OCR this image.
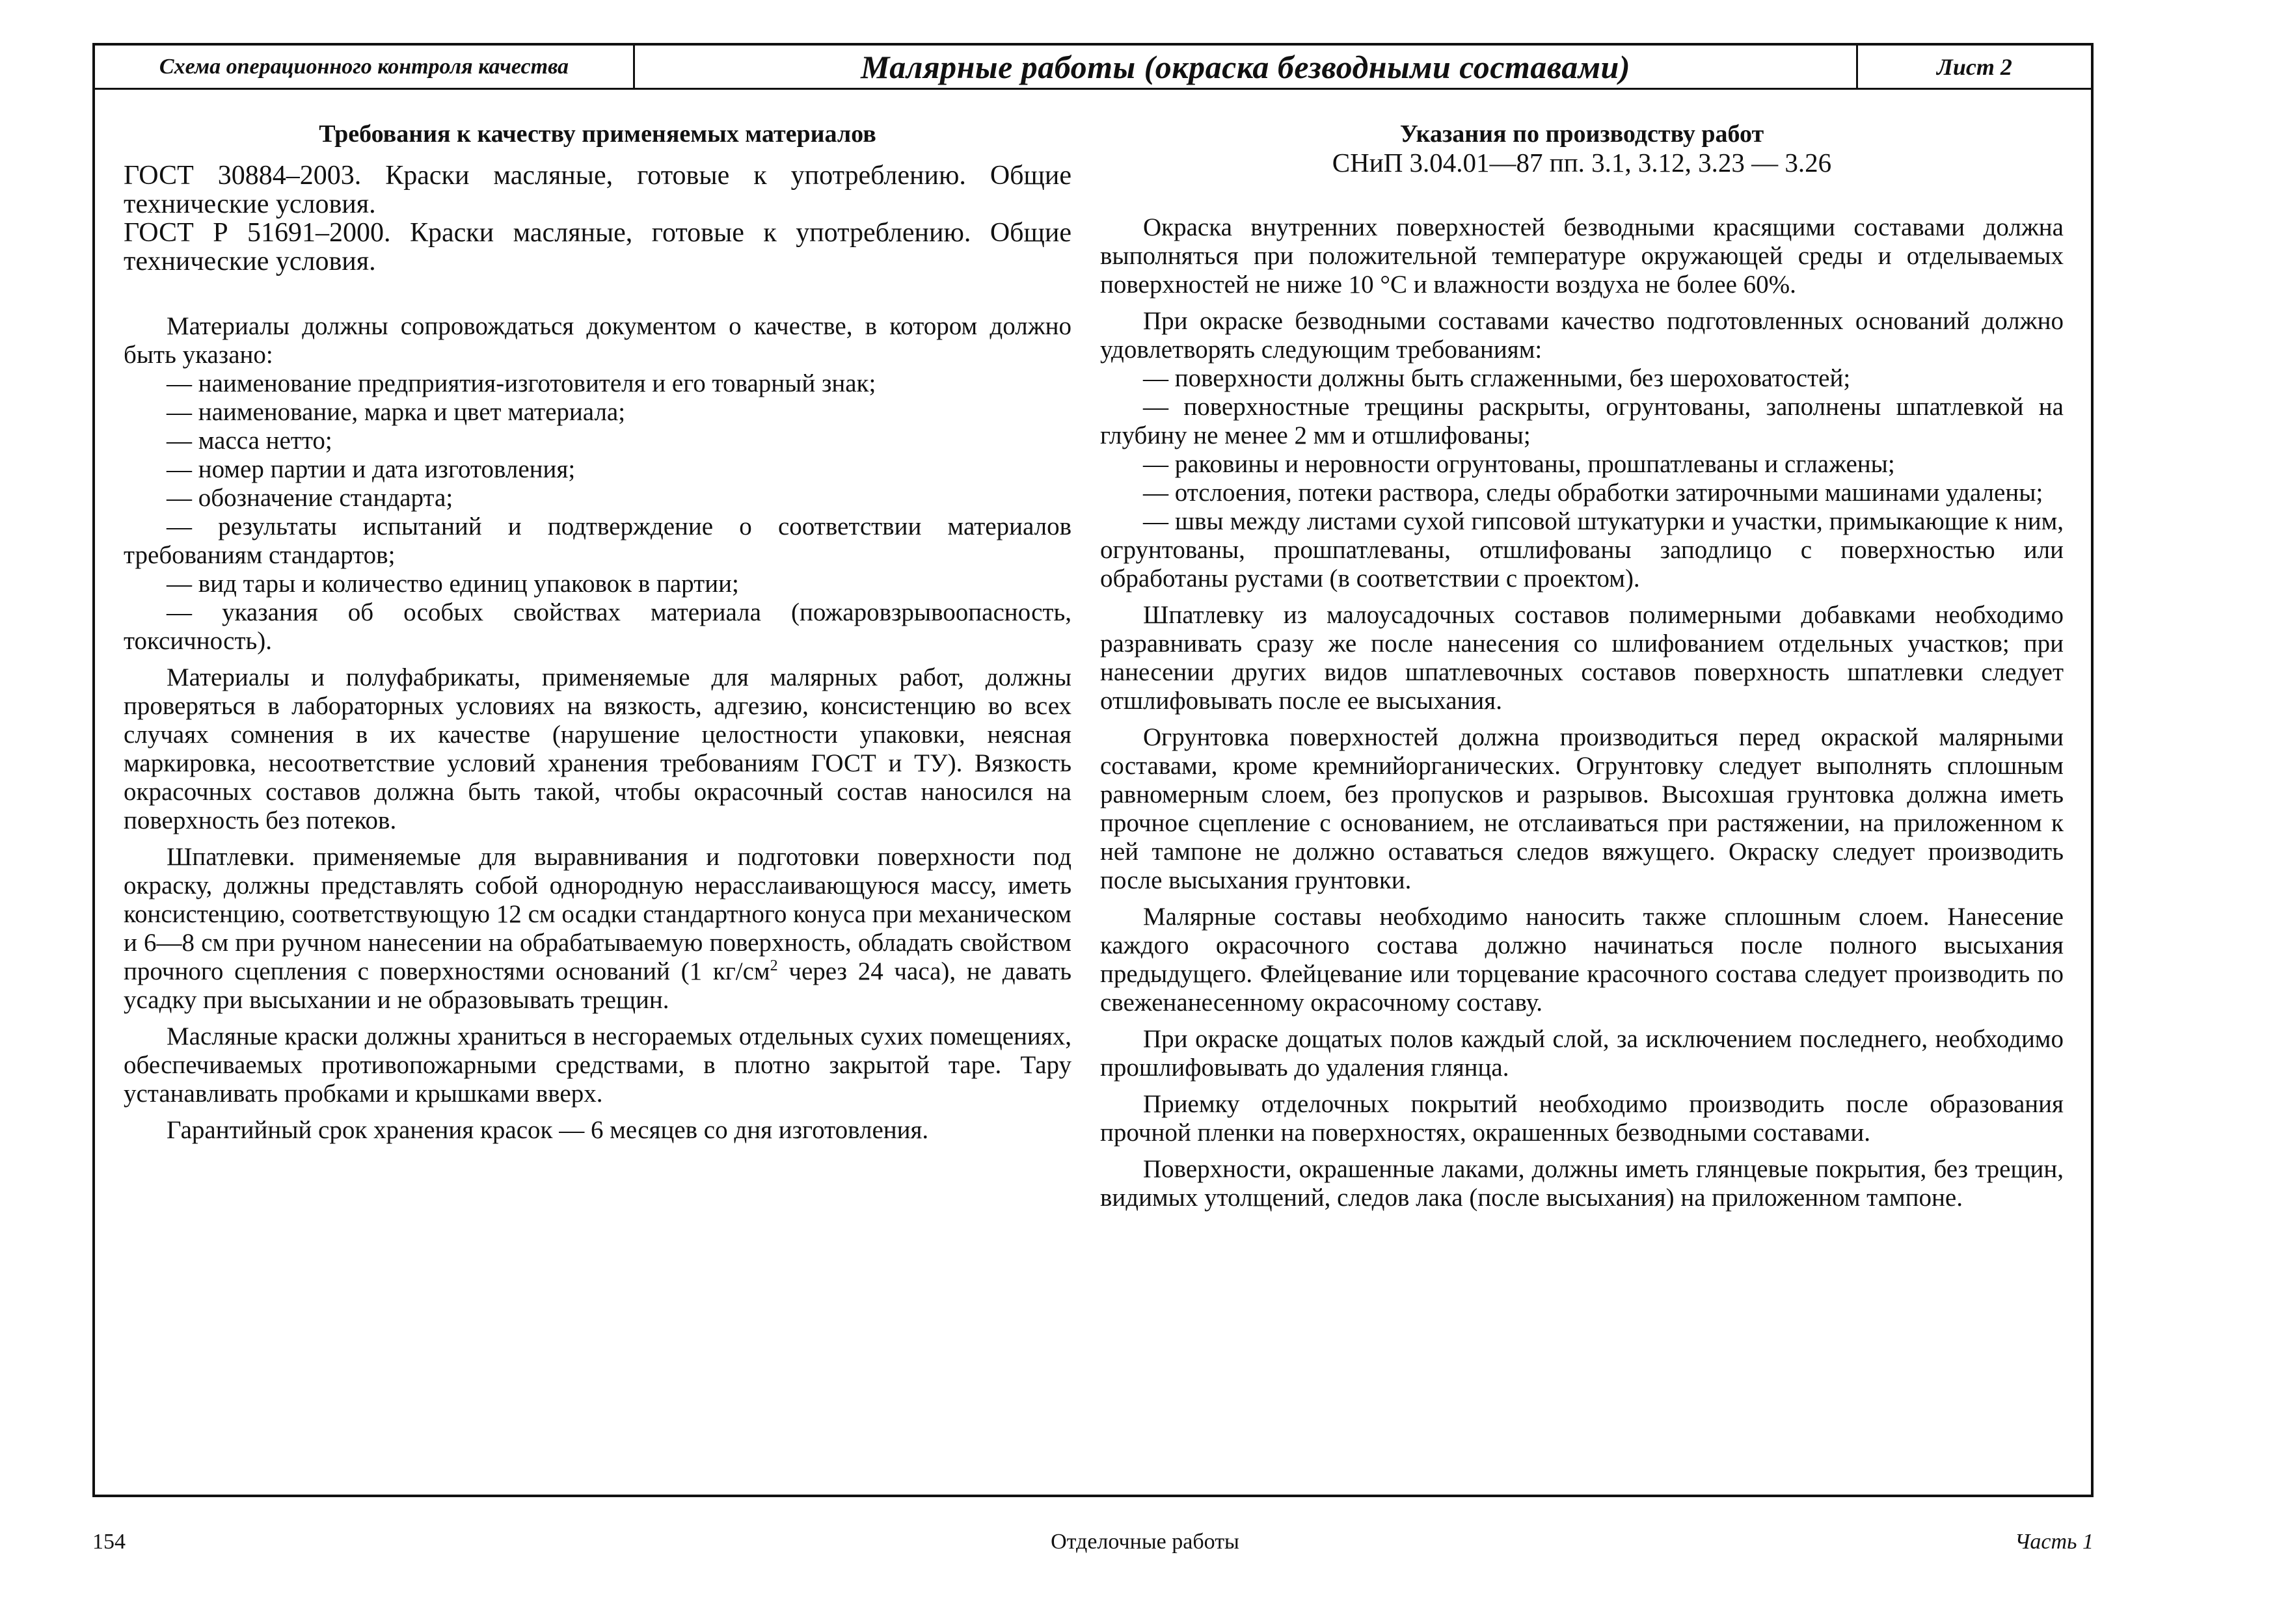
Схема операционного контроля качества	Малярные работы (окраска безводными составами)	Лист 2
Требования к качеству применяемых материалов

ГОСТ 30884–2003. Краски масляные, готовые к употреблению. Общие технические условия.

ГОСТ Р 51691–2000. Краски масляные, готовые к употреблению. Общие технические условия.

Материалы должны сопровождаться документом о качестве, в котором должно быть указано:

— наименование предприятия-изготовителя и его товарный знак;

— наименование, марка и цвет материала;

— масса нетто;

— номер партии и дата изготовления;

— обозначение стандарта;

— результаты испытаний и подтверждение о соответствии материалов требованиям стандартов;

— вид тары и количество единиц упаковок в партии;

— указания об особых свойствах материала (пожаровзрывоопасность, токсичность).

Материалы и полуфабрикаты, применяемые для малярных работ, должны проверяться в лабораторных условиях на вязкость, адгезию, консистенцию во всех случаях сомнения в их качестве (нарушение целостности упаковки, неясная маркировка, несоответствие условий хранения требованиям ГОСТ и ТУ). Вязкость окрасочных составов должна быть такой, чтобы окрасочный состав наносился на поверхность без потеков.

Шпатлевки. применяемые для выравнивания и подготовки поверхности под окраску, должны представлять собой однородную нерасслаивающуюся массу, иметь консистенцию, соответствующую 12 см осадки стандартного конуса при механическом и 6—8 см при ручном нанесении на обрабатываемую поверхность, обладать свойством прочного сцепления с поверхностями оснований (1 $кг/см^2$ через 24 часа), не давать усадку при высыхании и не образовывать трещин.

Масляные краски должны храниться в несгораемых отдельных сухих помещениях, обеспечиваемых противопожарными средствами, в плотно закрытой таре. Тару устанавливать пробками и крышками вверх.

Гарантийный срок хранения красок — 6 месяцев со дня изготовления.

Указания по производству работ

СНиП 3.04.01—87 пп. 3.1, 3.12, 3.23 — 3.26

Окраска внутренних поверхностей безводными красящими составами должна выполняться при положительной температуре окружающей среды и отделываемых поверхностей не ниже 10 °С и влажности воздуха не более 60%.

При окраске безводными составами качество подготовленных оснований должно удовлетворять следующим требованиям:

— поверхности должны быть сглаженными, без шероховатостей;

— поверхностные трещины раскрыты, огрунтованы, заполнены шпатлевкой на глубину не менее 2 мм и отшлифованы;

— раковины и неровности огрунтованы, прошпатлеваны и сглажены;

— отслоения, потеки раствора, следы обработки затирочными машинами удалены;

— швы между листами сухой гипсовой штукатурки и участки, примыкающие к ним, огрунтованы, прошпатлеваны, отшлифованы заподлицо с поверхностью или обработаны рустами (в соответствии с проектом).

Шпатлевку из малоусадочных составов полимерными добавками необходимо разравнивать сразу же после нанесения со шлифованием отдельных участков; при нанесении других видов шпатлевочных составов поверхность шпатлевки следует отшлифовывать после ее высыхания.

Огрунтовка поверхностей должна производиться перед окраской малярными составами, кроме кремнийорганических. Огрунтовку следует выполнять сплошным равномерным слоем, без пропусков и разрывов. Высохшая грунтовка должна иметь прочное сцепление с основанием, не отслаиваться при растяжении, на приложенном к ней тампоне не должно оставаться следов вяжущего. Окраску следует производить после высыхания грунтовки.

Малярные составы необходимо наносить также сплошным слоем. Нанесение каждого окрасочного состава должно начинаться после полного высыхания предыдущего. Флейцевание или торцевание красочного состава следует производить по свеженанесенному окрасочному составу.

При окраске дощатых полов каждый слой, за исключением последнего, необходимо прошлифовывать до удаления глянца.

Приемку отделочных покрытий необходимо производить после образования прочной пленки на поверхностях, окрашенных безводными составами.

Поверхности, окрашенные лаками, должны иметь глянцевые покрытия, без трещин, видимых утолщений, следов лака (после высыхания) на приложенном тампоне.

Отделочные работы
154	Часть 1
